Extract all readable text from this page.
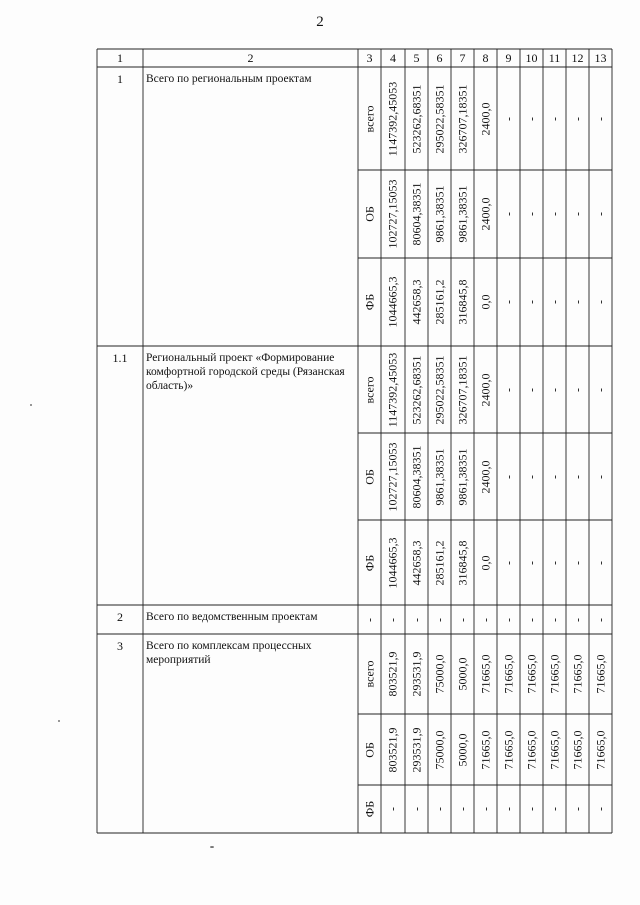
2
1	2	3	4	5	6	7	8	9	10 11 12 13
1	Всего по региональным проектам
всего 1147392,45053 523262,68351 295022,58351 326707,18351 2400,0 - - - - -
ОБ 102727,15053 80604,38351 9861,38351 9861,38351 2400,0 - - - - -
ФБ 1044665,3 442658,3 285161,2 316845,8 0,0 - - - - -
1.1	Региональный проект «Формирование комфортной городской среды (Рязанская область)»	всего 1147392,45053 523262,68351 295022,58351 326707,18351 2400,0 - - - - -
ОБ 102727,15053 80604,38351 9861,38351 9861,38351 2400,0 - - - - -
ФБ 1044665,3 442658,3 285161,2 316845,8 0,0 - - - - -
2	Всего по ведомственным проектам	- - - - - - - - - - -
3	Всего по комплексам процессных мероприятий
всего 803521,9 293531,9 75000,0 5000,0 71665,0 71665,0 71665,0 71665,0 71665,0 71665,0
ОБ 803521,9 293531,9 75000,0 5000,0 71665,0 71665,0 71665,0 71665,0 71665,0 71665,0
ФБ - - - - - - - - - -
